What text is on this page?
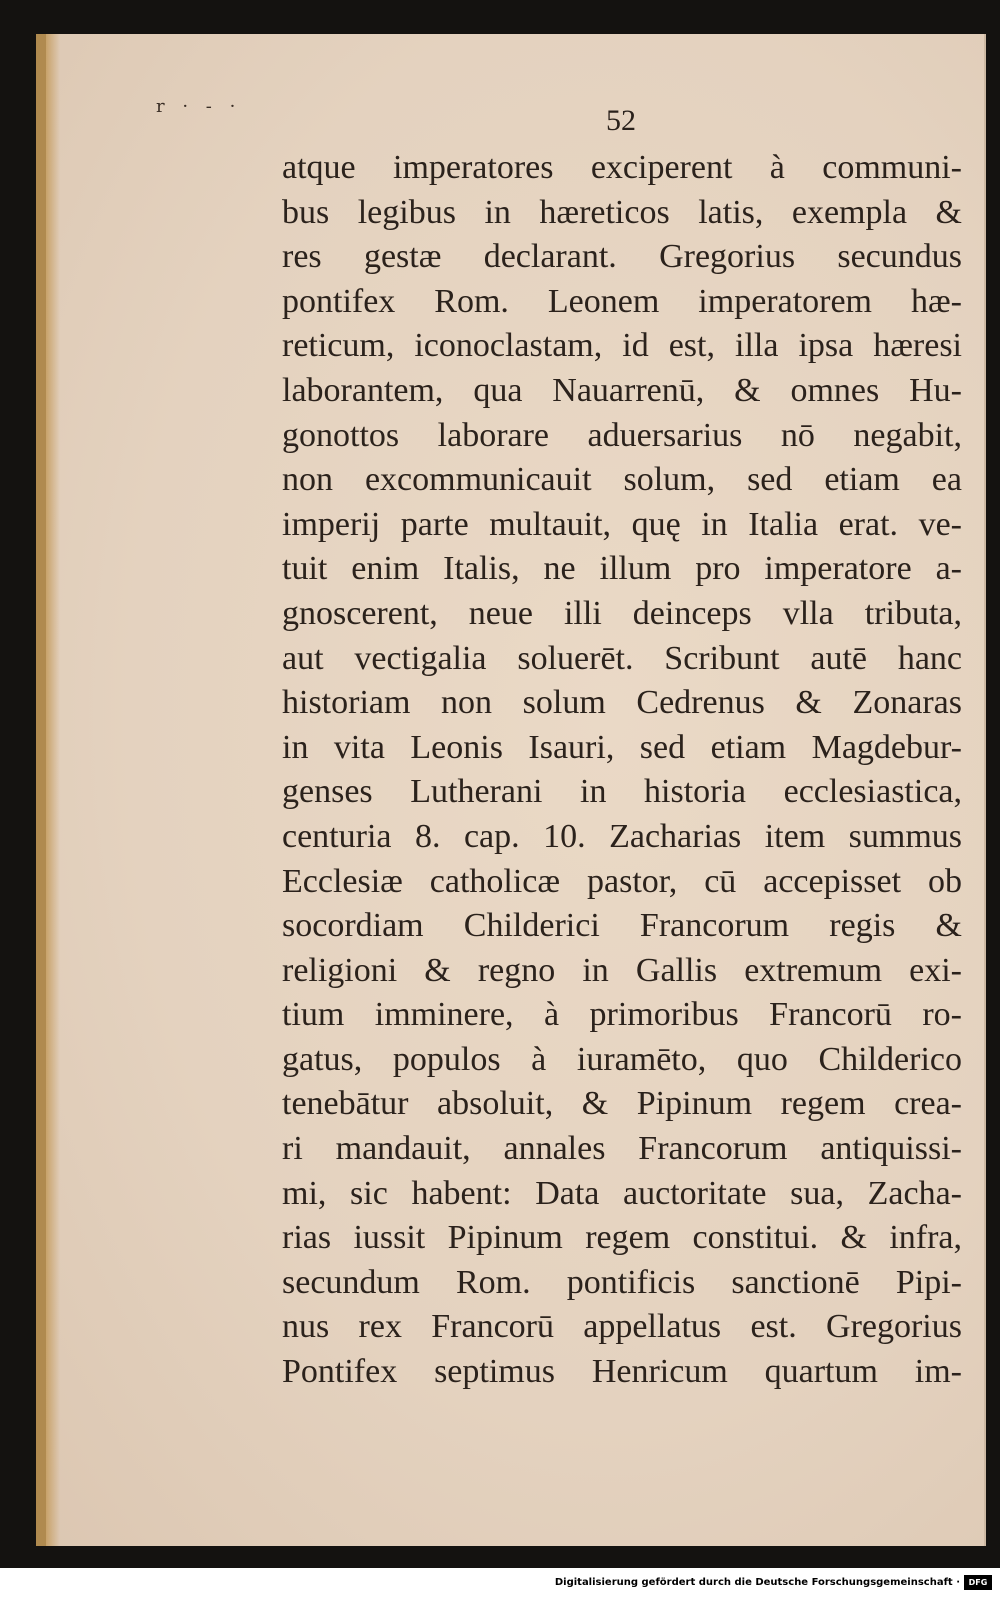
r · - ·	52

atque imperatores exciperent à communi-
bus legibus in hæreticos latis, exempla &
res gestæ declarant. Gregorius secundus
pontifex Rom. Leonem imperatorem hæ-
reticum, iconoclastam, id est, illa ipsa hæresi
laborantem, qua Nauarrenū, & omnes Hu-
gonottos laborare aduersarius nō negabit,
non excommunicauit solum, sed etiam ea
imperij parte multauit, quę in Italia erat. ve-
tuit enim Italis, ne illum pro imperatore a-
gnoscerent, neue illi deinceps vlla tributa,
aut vectigalia soluerēt. Scribunt autē hanc
historiam non solum Cedrenus & Zonaras
in vita Leonis Isauri, sed etiam Magdebur-
genses Lutherani in historia ecclesiastica,
centuria 8. cap. 10. Zacharias item summus
Ecclesiæ catholicæ pastor, cū accepisset ob
socordiam Childerici Francorum regis &
religioni & regno in Gallis extremum exi-
tium imminere, à primoribus Francorū ro-
gatus, populos à iuramēto, quo Childerico
tenebātur absoluit, & Pipinum regem crea-
ri mandauit, annales Francorum antiquissi-
mi, sic habent: Data auctoritate sua, Zacha-
rias iussit Pipinum regem constitui. & infra,
secundum Rom. pontificis sanctionē Pipi-
nus rex Francorū appellatus est. Gregorius
Pontifex septimus Henricum quartum im-
Digitalisierung gefördert durch die Deutsche Forschungsgemeinschaft ·	DFG
